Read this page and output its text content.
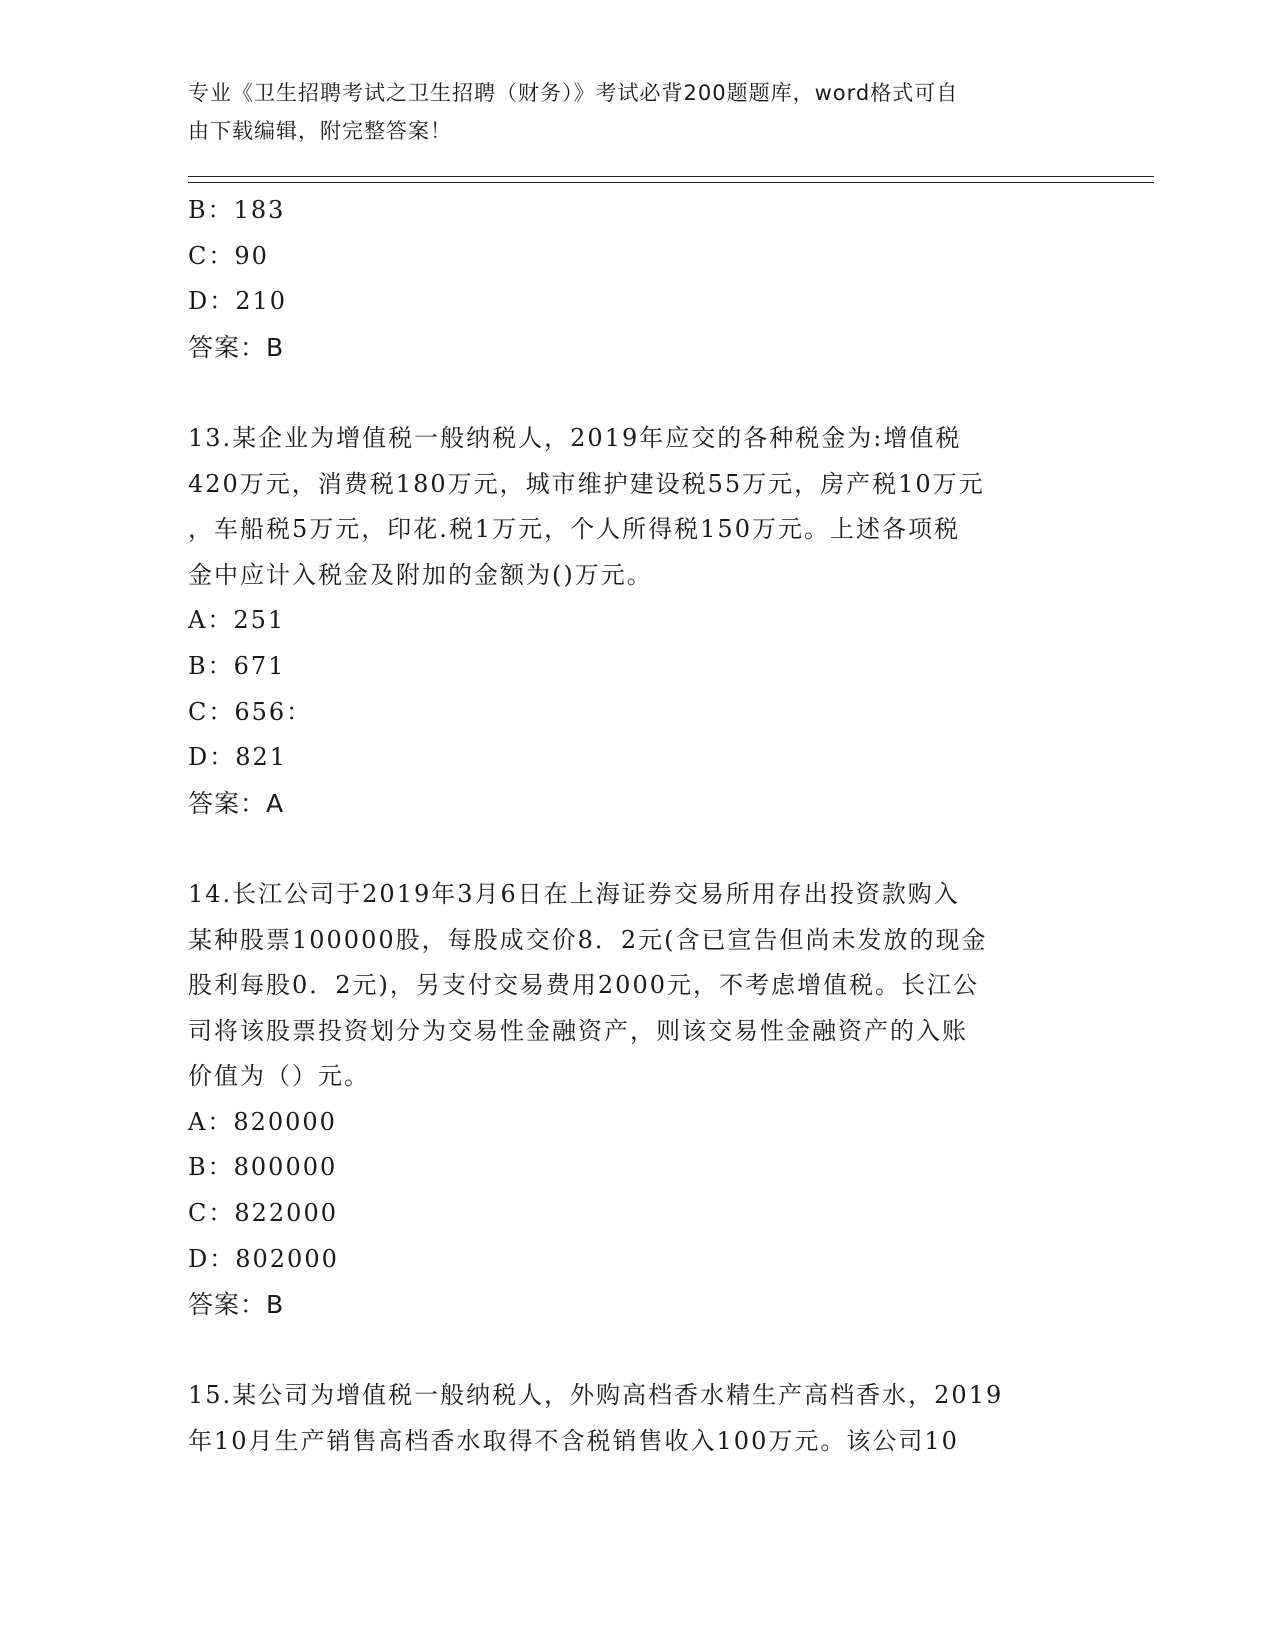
专业《卫生招聘考试之卫生招聘（财务）》考试必背200题题库，word格式可自
由下载编辑，附完整答案！
B：183
C：90
D：210
答案：B
13.某企业为增值税一般纳税人，2019年应交的各种税金为:增值税
420万元，消费税180万元，城市维护建设税55万元，房产税10万元
，车船税5万元，印花.税1万元，个人所得税150万元。上述各项税
金中应计入税金及附加的金额为()万元。
A：251
B：671
C：656：
D：821
答案：A
14.长江公司于2019年3月6日在上海证券交易所用存出投资款购入
某种股票100000股，每股成交价8．2元(含已宣告但尚未发放的现金
股利每股0．2元)，另支付交易费用2000元，不考虑增值税。长江公
司将该股票投资划分为交易性金融资产，则该交易性金融资产的入账
价值为（）元。
A：820000
B：800000
C：822000
D：802000
答案：B
15.某公司为增值税一般纳税人，外购高档香水精生产高档香水，2019
年10月生产销售高档香水取得不含税销售收入100万元。该公司10
